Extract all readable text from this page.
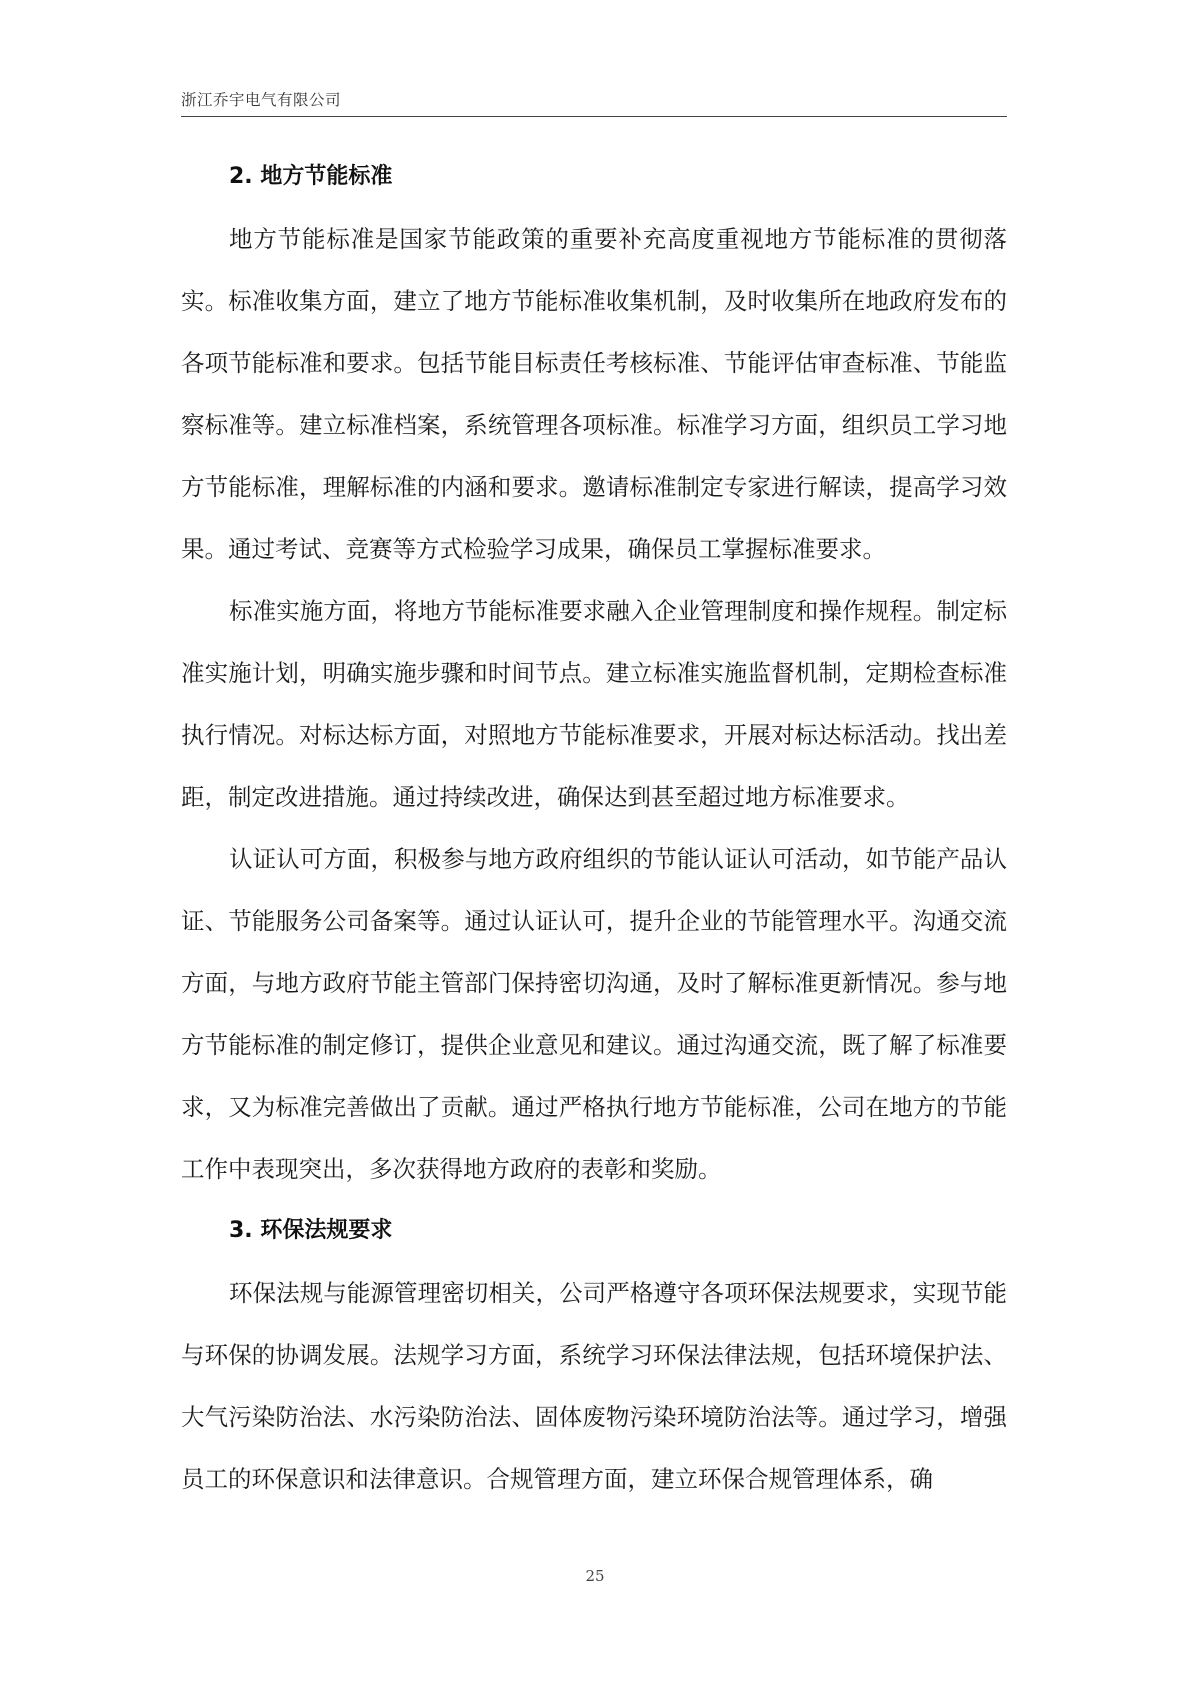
浙江乔宇电气有限公司
2. 地方节能标准

地方节能标准是国家节能政策的重要补充高度重视地方节能标准的贯彻落实。标准收集方面，建立了地方节能标准收集机制，及时收集所在地政府发布的各项节能标准和要求。包括节能目标责任考核标准、节能评估审查标准、节能监察标准等。建立标准档案，系统管理各项标准。标准学习方面，组织员工学习地方节能标准，理解标准的内涵和要求。邀请标准制定专家进行解读，提高学习效果。通过考试、竞赛等方式检验学习成果，确保员工掌握标准要求。

标准实施方面，将地方节能标准要求融入企业管理制度和操作规程。制定标准实施计划，明确实施步骤和时间节点。建立标准实施监督机制，定期检查标准执行情况。对标达标方面，对照地方节能标准要求，开展对标达标活动。找出差距，制定改进措施。通过持续改进，确保达到甚至超过地方标准要求。

认证认可方面，积极参与地方政府组织的节能认证认可活动，如节能产品认证、节能服务公司备案等。通过认证认可，提升企业的节能管理水平。沟通交流方面，与地方政府节能主管部门保持密切沟通，及时了解标准更新情况。参与地方节能标准的制定修订，提供企业意见和建议。通过沟通交流，既了解了标准要求，又为标准完善做出了贡献。通过严格执行地方节能标准，公司在地方的节能工作中表现突出，多次获得地方政府的表彰和奖励。

3. 环保法规要求

环保法规与能源管理密切相关，公司严格遵守各项环保法规要求，实现节能与环保的协调发展。法规学习方面，系统学习环保法律法规，包括环境保护法、大气污染防治法、水污染防治法、固体废物污染环境防治法等。通过学习，增强员工的环保意识和法律意识。合规管理方面，建立环保合规管理体系，确

25
